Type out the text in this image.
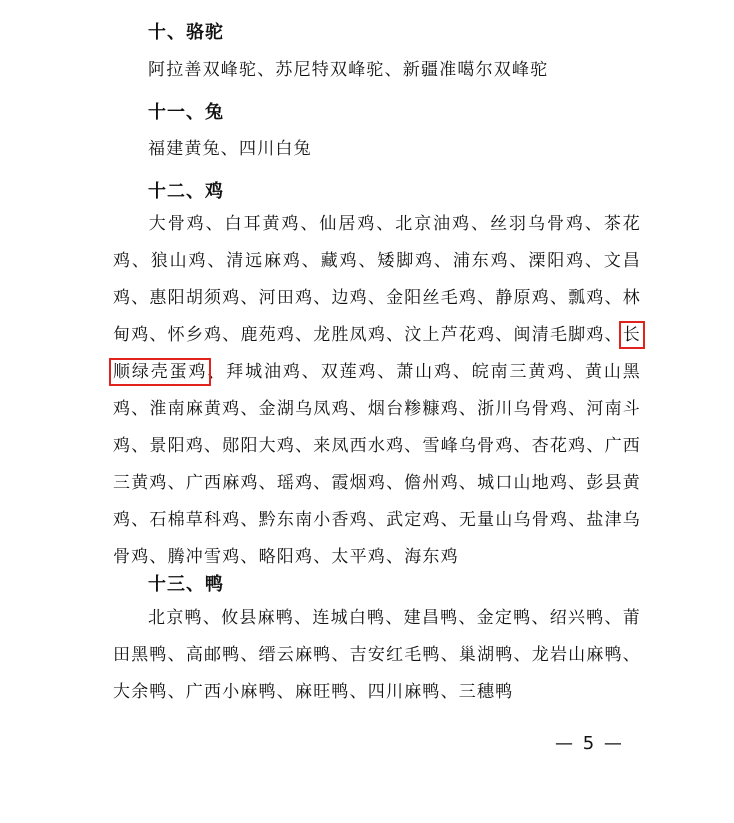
十、骆驼

阿拉善双峰驼、苏尼特双峰驼、新疆准噶尔双峰驼

十一、兔

福建黄兔、四川白兔

十二、鸡

大骨鸡、白耳黄鸡、仙居鸡、北京油鸡、丝羽乌骨鸡、茶花鸡、狼山鸡、清远麻鸡、藏鸡、矮脚鸡、浦东鸡、溧阳鸡、文昌鸡、惠阳胡须鸡、河田鸡、边鸡、金阳丝毛鸡、静原鸡、瓢鸡、林甸鸡、怀乡鸡、鹿苑鸡、龙胜凤鸡、汶上芦花鸡、闽清毛脚鸡、长顺绿壳蛋鸡、拜城油鸡、双莲鸡、萧山鸡、皖南三黄鸡、黄山黑鸡、淮南麻黄鸡、金湖乌凤鸡、烟台糁糠鸡、浙川乌骨鸡、河南斗鸡、景阳鸡、郧阳大鸡、来凤西水鸡、雪峰乌骨鸡、杏花鸡、广西三黄鸡、广西麻鸡、瑶鸡、霞烟鸡、儋州鸡、城口山地鸡、彭县黄鸡、石棉草科鸡、黔东南小香鸡、武定鸡、无量山乌骨鸡、盐津乌骨鸡、腾冲雪鸡、略阳鸡、太平鸡、海东鸡

十三、鸭

北京鸭、攸县麻鸭、连城白鸭、建昌鸭、金定鸭、绍兴鸭、莆田黑鸭、高邮鸭、缙云麻鸭、吉安红毛鸭、巢湖鸭、龙岩山麻鸭、大余鸭、广西小麻鸭、麻旺鸭、四川麻鸭、三穗鸭

— 5 —
